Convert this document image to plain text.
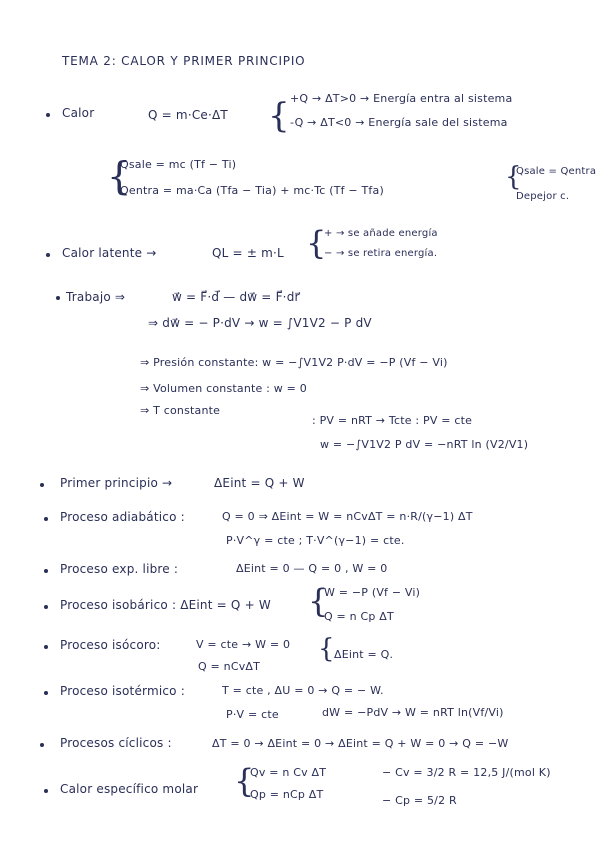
TEMA 2: CALOR Y PRIMER PRINCIPIO
Calor	Q = m·Ce·ΔT { +Q → ΔT>0 → Energía entra al sistema
-Q → ΔT<0 → Energía sale del sistema
{
Qsale = mc (Tf − Ti)
Qentra = ma·Ca (Tfa − Tia) + mc·Tc (Tf − Tfa)	{
Qsale = Qentra
Depejor c.
Calor latente →	QL = ± m·L {
+ → se añade energía
− → se retira energía.
Trabajo ⇒	w⃗ = F⃗·d⃗ — dw⃗ = F⃗·dr⃗
⇒ dw⃗ = − P·dV → w = ∫V1V2 − P dV
⇒ Presión constante: w = −∫V1V2 P·dV = −P (Vf − Vi)
⇒ Volumen constante : w = 0
⇒ T constante
: PV = nRT → Tcte : PV = cte
w = −∫V1V2 P dV = −nRT ln (V2/V1)
Primer principio →	ΔEint = Q + W
Proceso adiabático :	Q = 0 ⇒ ΔEint = W = nCvΔT = n·R/(γ−1) ΔT
P·V^γ = cte ; T·V^(γ−1) = cte.
Proceso exp. libre :	ΔEint = 0 — Q = 0 , W = 0
Proceso isobárico : ΔEint = Q + W {
W = −P (Vf − Vi)
Q = n Cp ΔT
Proceso isócoro:	V = cte → W = 0
Q = nCvΔT
{ ΔEint = Q.
Proceso isotérmico :	T = cte , ΔU = 0 → Q = − W.
P·V = cte	dW = −PdV → W = nRT ln(Vf/Vi)
Procesos cíclicos :	ΔT = 0 → ΔEint = 0 → ΔEint = Q + W = 0 → Q = −W
Calor específico molar {
Qv = n Cv ΔT
Qp = nCp ΔT
− Cv = 3/2 R = 12,5 J/(mol K)
− Cp = 5/2 R
